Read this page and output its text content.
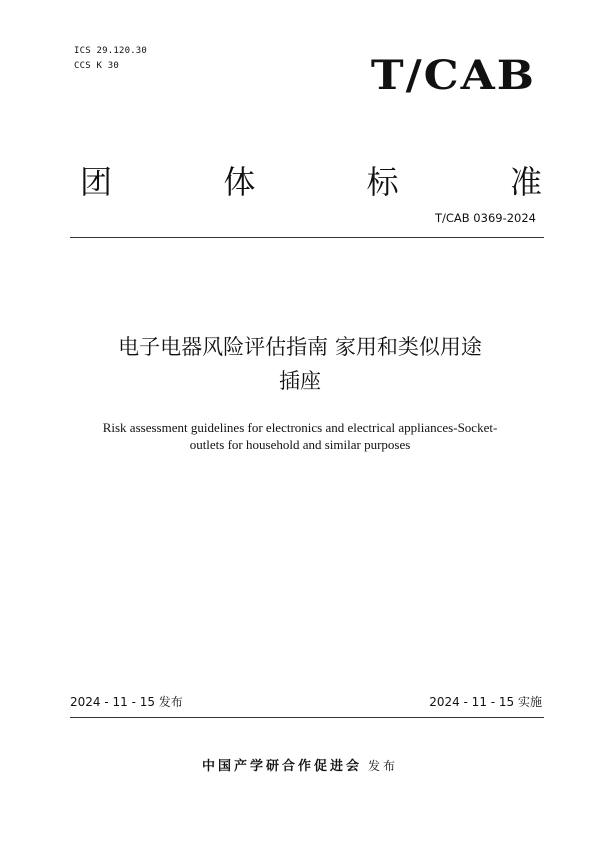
ICS 29.120.30
CCS K 30	T/CAB
团	体	标	准
T/CAB 0369-2024
电子电器风险评估指南 家用和类似用途
插座
Risk assessment guidelines for electronics and electrical appliances-Socket-
outlets for household and similar purposes
2024 - 11 - 15 发布	2024 - 11 - 15 实施
中国产学研合作促进会 发布
